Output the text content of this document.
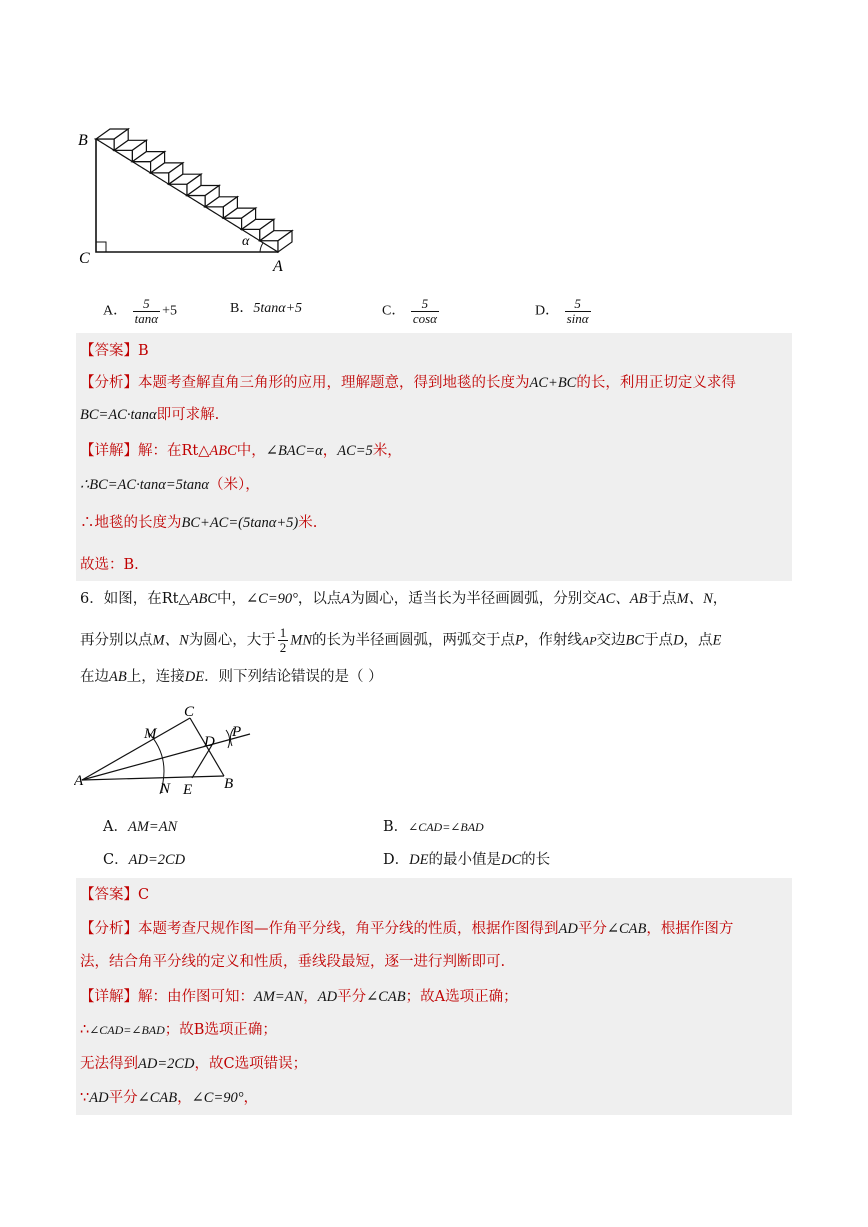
B
C	A
α
A． $\frac{5}{\tan\alpha} +5$	B．5tanα+5	C． $\frac{5}{\cos\alpha}$	D． $\frac{5}{\sin\alpha}$
【答案】B
【分析】本题考查解直角三角形的应用，理解题意，得到地毯的长度为AC+BC的长，利用正切定义求得
BC=AC·tanα即可求解.
【详解】解：在Rt△ABC中，∠BAC=α，AC=5米，
∴BC=AC·tanα=5tanα（米），
∴地毯的长度为BC+AC=(5tanα+5)米.
故选：B.
6．如图，在Rt△ABC中，∠C=90°，以点A为圆心，适当长为半径画圆弧，分别交AC、AB于点M、N，
再分别以点M、N为圆心，大于 $\frac{1}{2}$ MN的长为半径画圆弧，两弧交于点P，作射线AP交边BC于点D，点E
在边AB上，连接DE．则下列结论错误的是（ ）
A
C
B
D
E
M
N
P
A．AM=AN	B．∠CAD=∠BAD
C．AD=2CD	D．DE的最小值是DC的长
【答案】C
【分析】本题考查尺规作图—作角平分线，角平分线的性质，根据作图得到AD平分∠CAB，根据作图方
法，结合角平分线的定义和性质，垂线段最短，逐一进行判断即可.
【详解】解：由作图可知：AM=AN，AD平分∠CAB；故A选项正确；
∴∠CAD=∠BAD；故B选项正确；
无法得到AD=2CD，故C选项错误；
∵AD平分∠CAB，∠C=90°，
